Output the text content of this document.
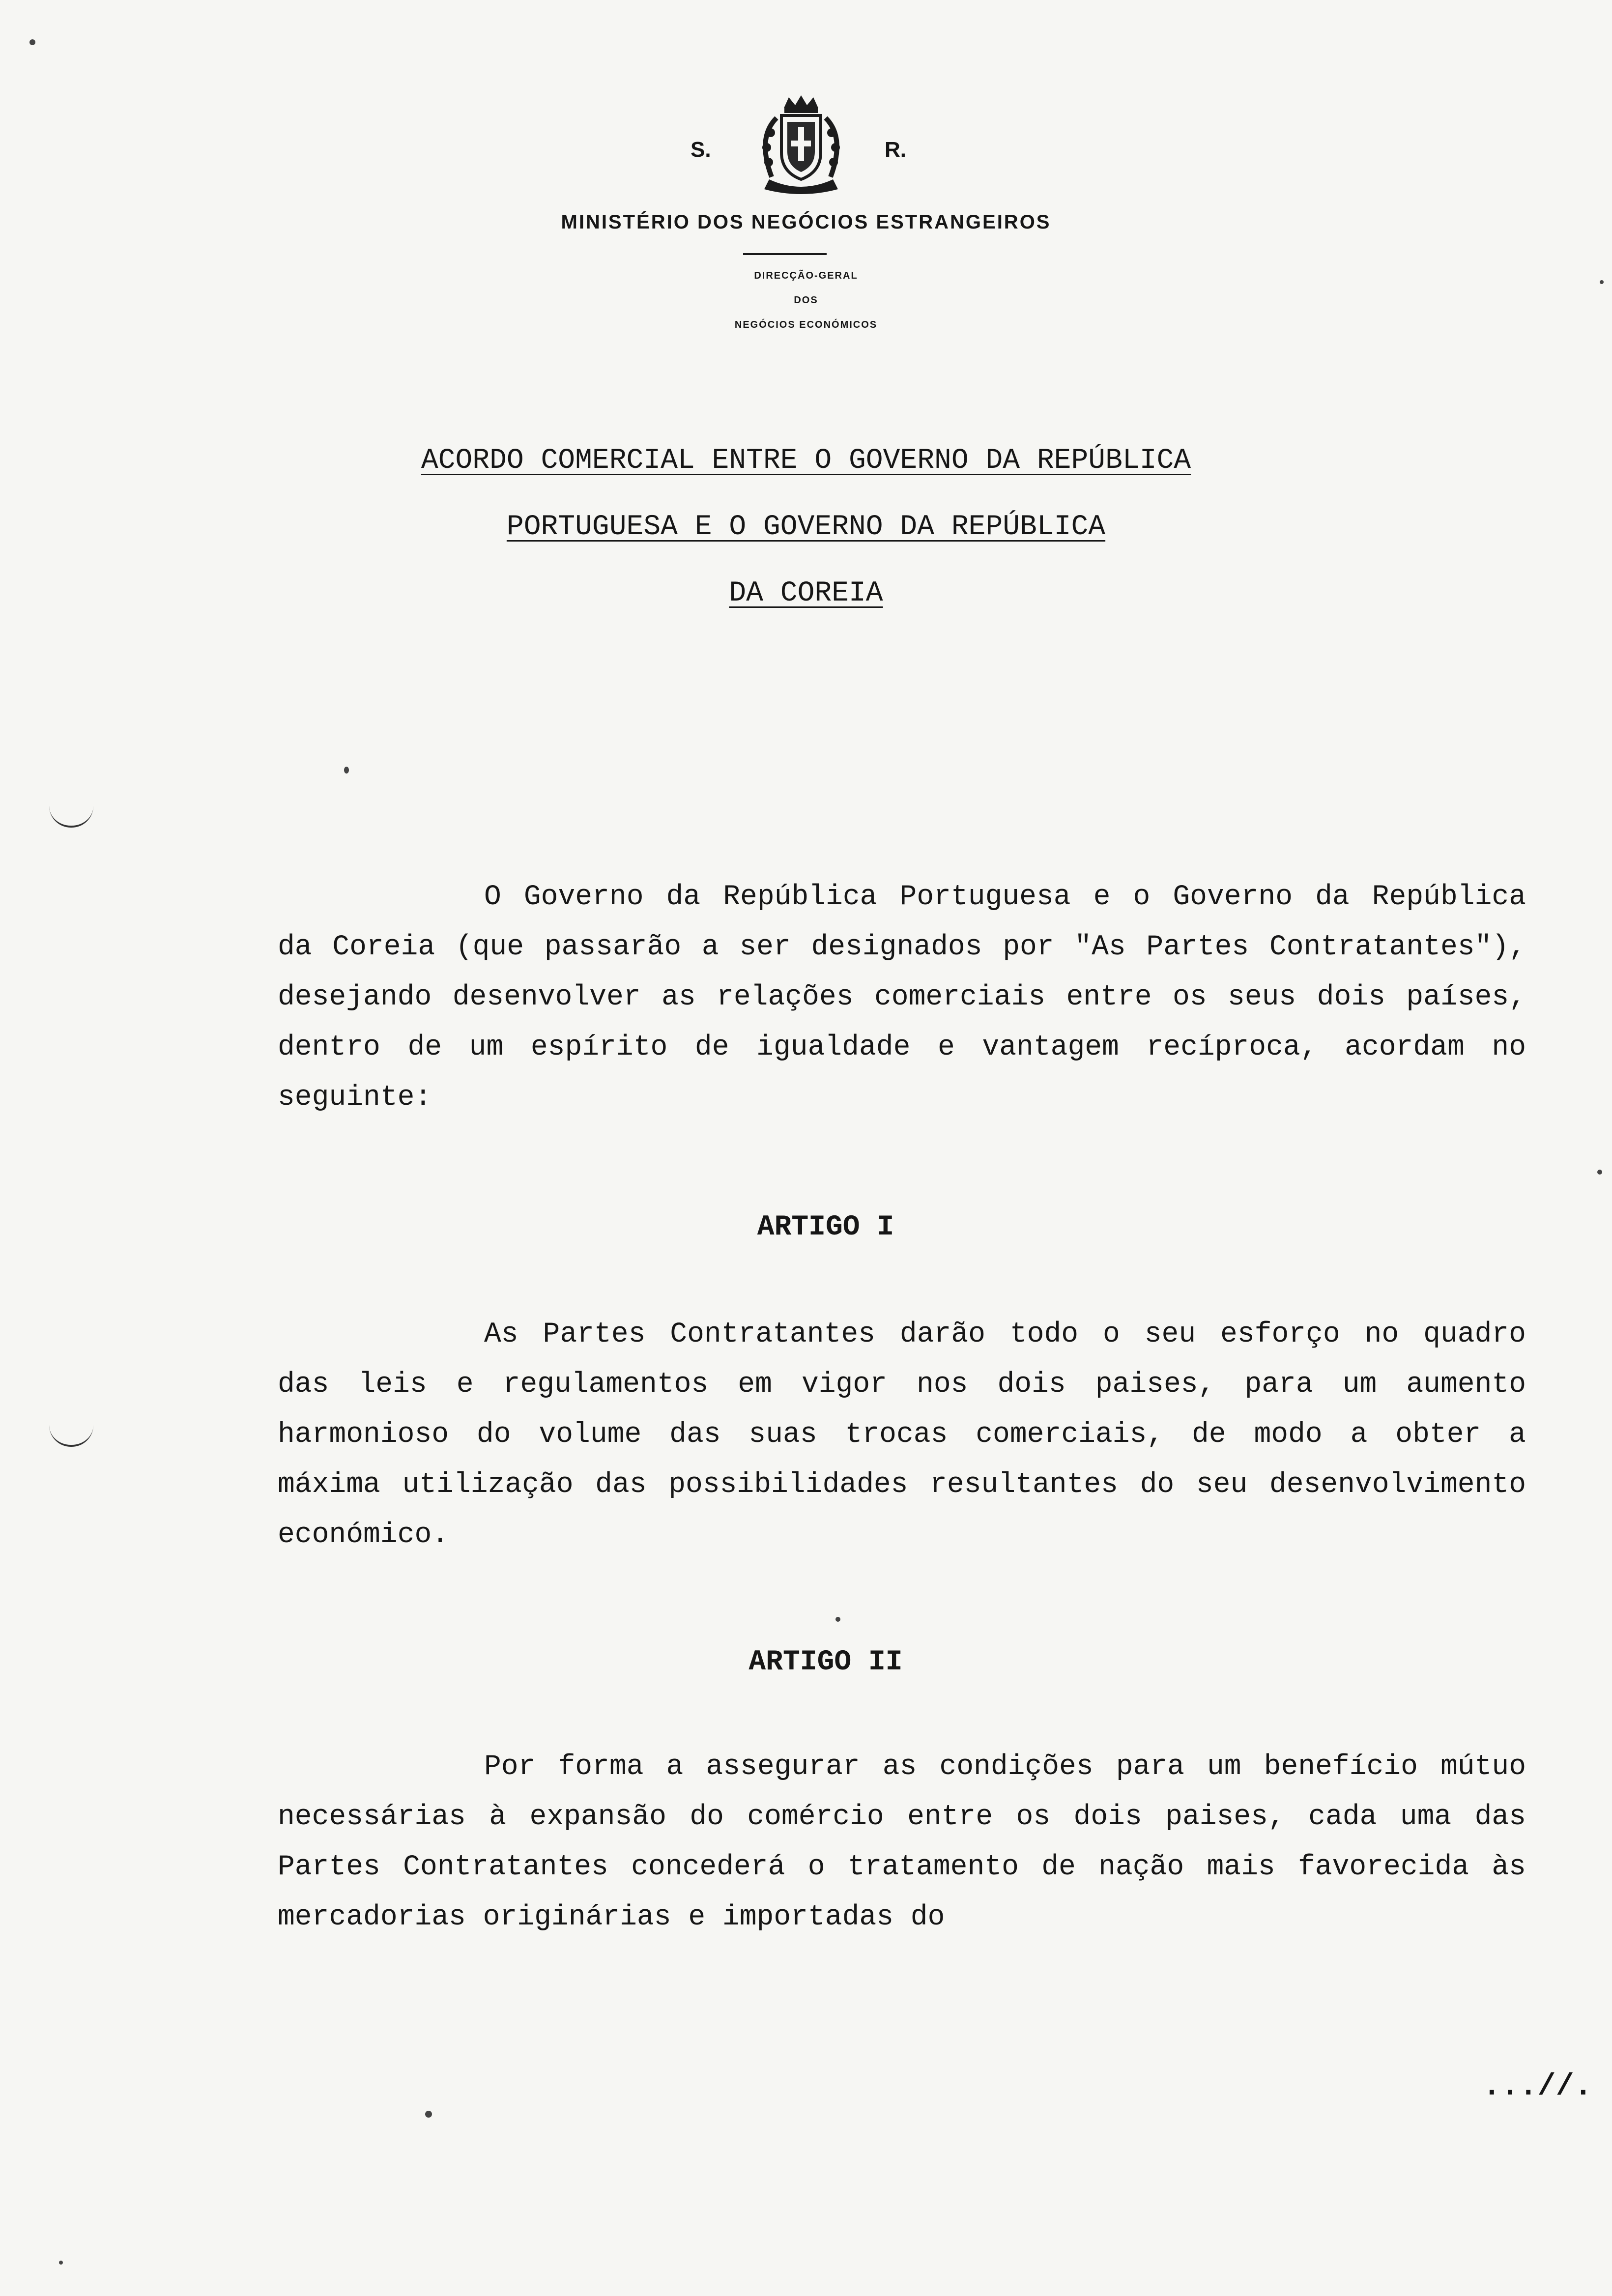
S.	R.
MINISTÉRIO DOS NEGÓCIOS ESTRANGEIROS
DIRECÇÃO-GERAL
DOS
NEGÓCIOS ECONÓMICOS
ACORDO COMERCIAL ENTRE O GOVERNO DA REPÚBLICA
PORTUGUESA E O GOVERNO DA REPÚBLICA
DA COREIA
O Governo da República Portuguesa e o Governo da República da Coreia (que passarão a ser designados por "As Partes Contratantes"), desejando desenvolver as relações comerciais entre os seus dois países, dentro de um espírito de igualdade e vantagem recíproca, acordam no seguinte:
ARTIGO I
As Partes Contratantes darão todo o seu esforço no quadro das leis e regulamentos em vigor nos dois paises, para um aumento harmonioso do volume das suas trocas comerciais, de modo a obter a máxima utilização das possibilidades resultantes do seu desenvolvimento económico.
ARTIGO II
Por forma a assegurar as condições para um benefício mútuo necessárias à expansão do comércio entre os dois paises, cada uma das Partes Contratantes concederá o tratamento de nação mais favorecida às mercadorias originárias e importadas do
...//.
